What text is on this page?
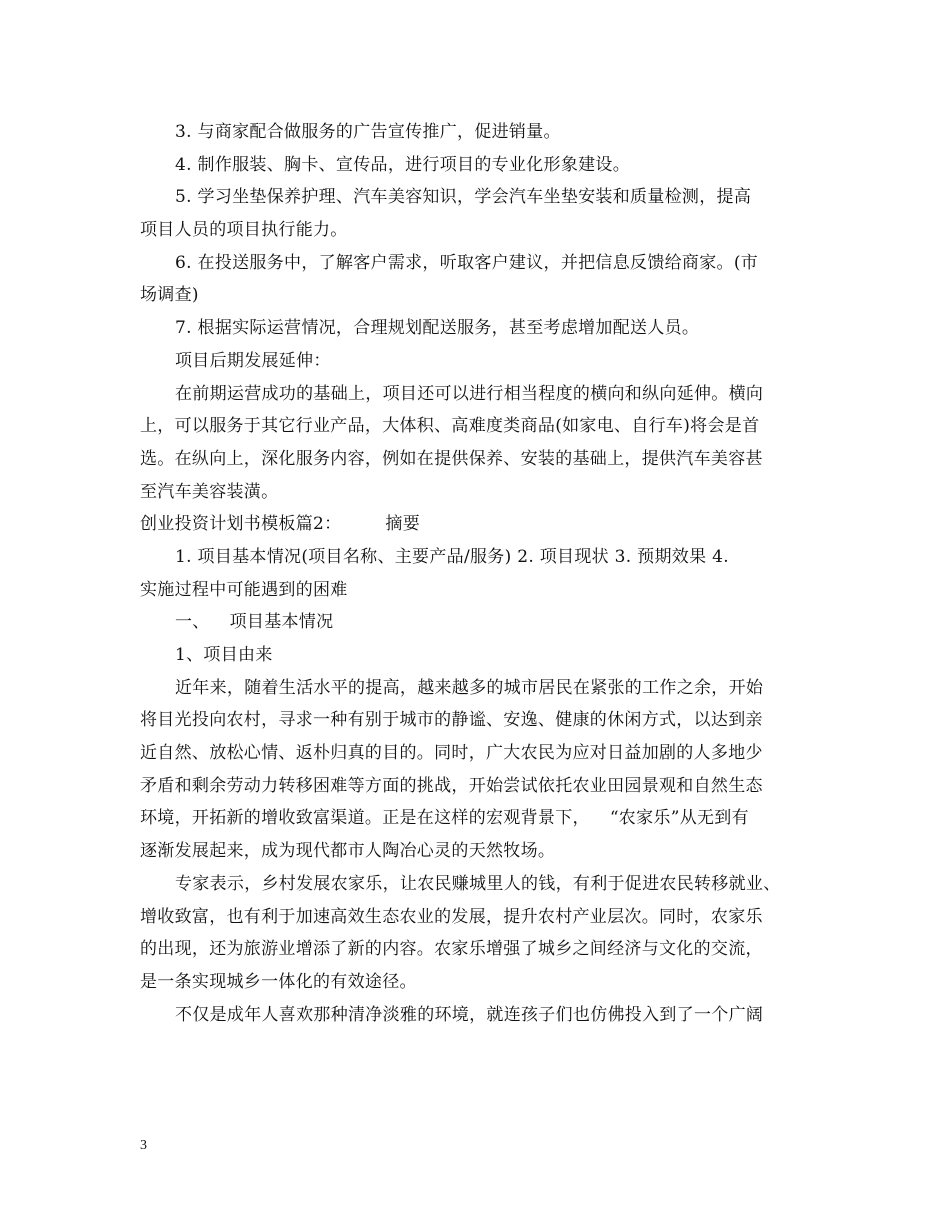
3. 与商家配合做服务的广告宣传推广，促进销量。
4. 制作服装、胸卡、宣传品，进行项目的专业化形象建设。
5. 学习坐垫保养护理、汽车美容知识，学会汽车坐垫安装和质量检测，提高
项目人员的项目执行能力。
6. 在投送服务中，了解客户需求，听取客户建议，并把信息反馈给商家。(市
场调查)
7. 根据实际运营情况，合理规划配送服务，甚至考虑增加配送人员。
项目后期发展延伸：
在前期运营成功的基础上，项目还可以进行相当程度的横向和纵向延伸。横向
上，可以服务于其它行业产品，大体积、高难度类商品(如家电、自行车)将会是首
选。在纵向上，深化服务内容，例如在提供保养、安装的基础上，提供汽车美容甚
至汽车美容装潢。
创业投资计划书模板篇2：	摘要
1. 项目基本情况(项目名称、主要产品/服务) 2. 项目现状 3. 预期效果 4.
实施过程中可能遇到的困难
一、 项目基本情况
1、项目由来
近年来，随着生活水平的提高，越来越多的城市居民在紧张的工作之余，开始
将目光投向农村，寻求一种有别于城市的静谧、安逸、健康的休闲方式，以达到亲
近自然、放松心情、返朴归真的目的。同时，广大农民为应对日益加剧的人多地少
矛盾和剩余劳动力转移困难等方面的挑战，开始尝试依托农业田园景观和自然生态
环境，开拓新的增收致富渠道。正是在这样的宏观背景下， “农家乐”从无到有
逐渐发展起来，成为现代都市人陶冶心灵的天然牧场。
专家表示，乡村发展农家乐，让农民赚城里人的钱，有利于促进农民转移就业、
增收致富，也有利于加速高效生态农业的发展，提升农村产业层次。同时，农家乐
的出现，还为旅游业增添了新的内容。农家乐增强了城乡之间经济与文化的交流，
是一条实现城乡一体化的有效途径。
不仅是成年人喜欢那种清净淡雅的环境，就连孩子们也仿佛投入到了一个广阔
3
